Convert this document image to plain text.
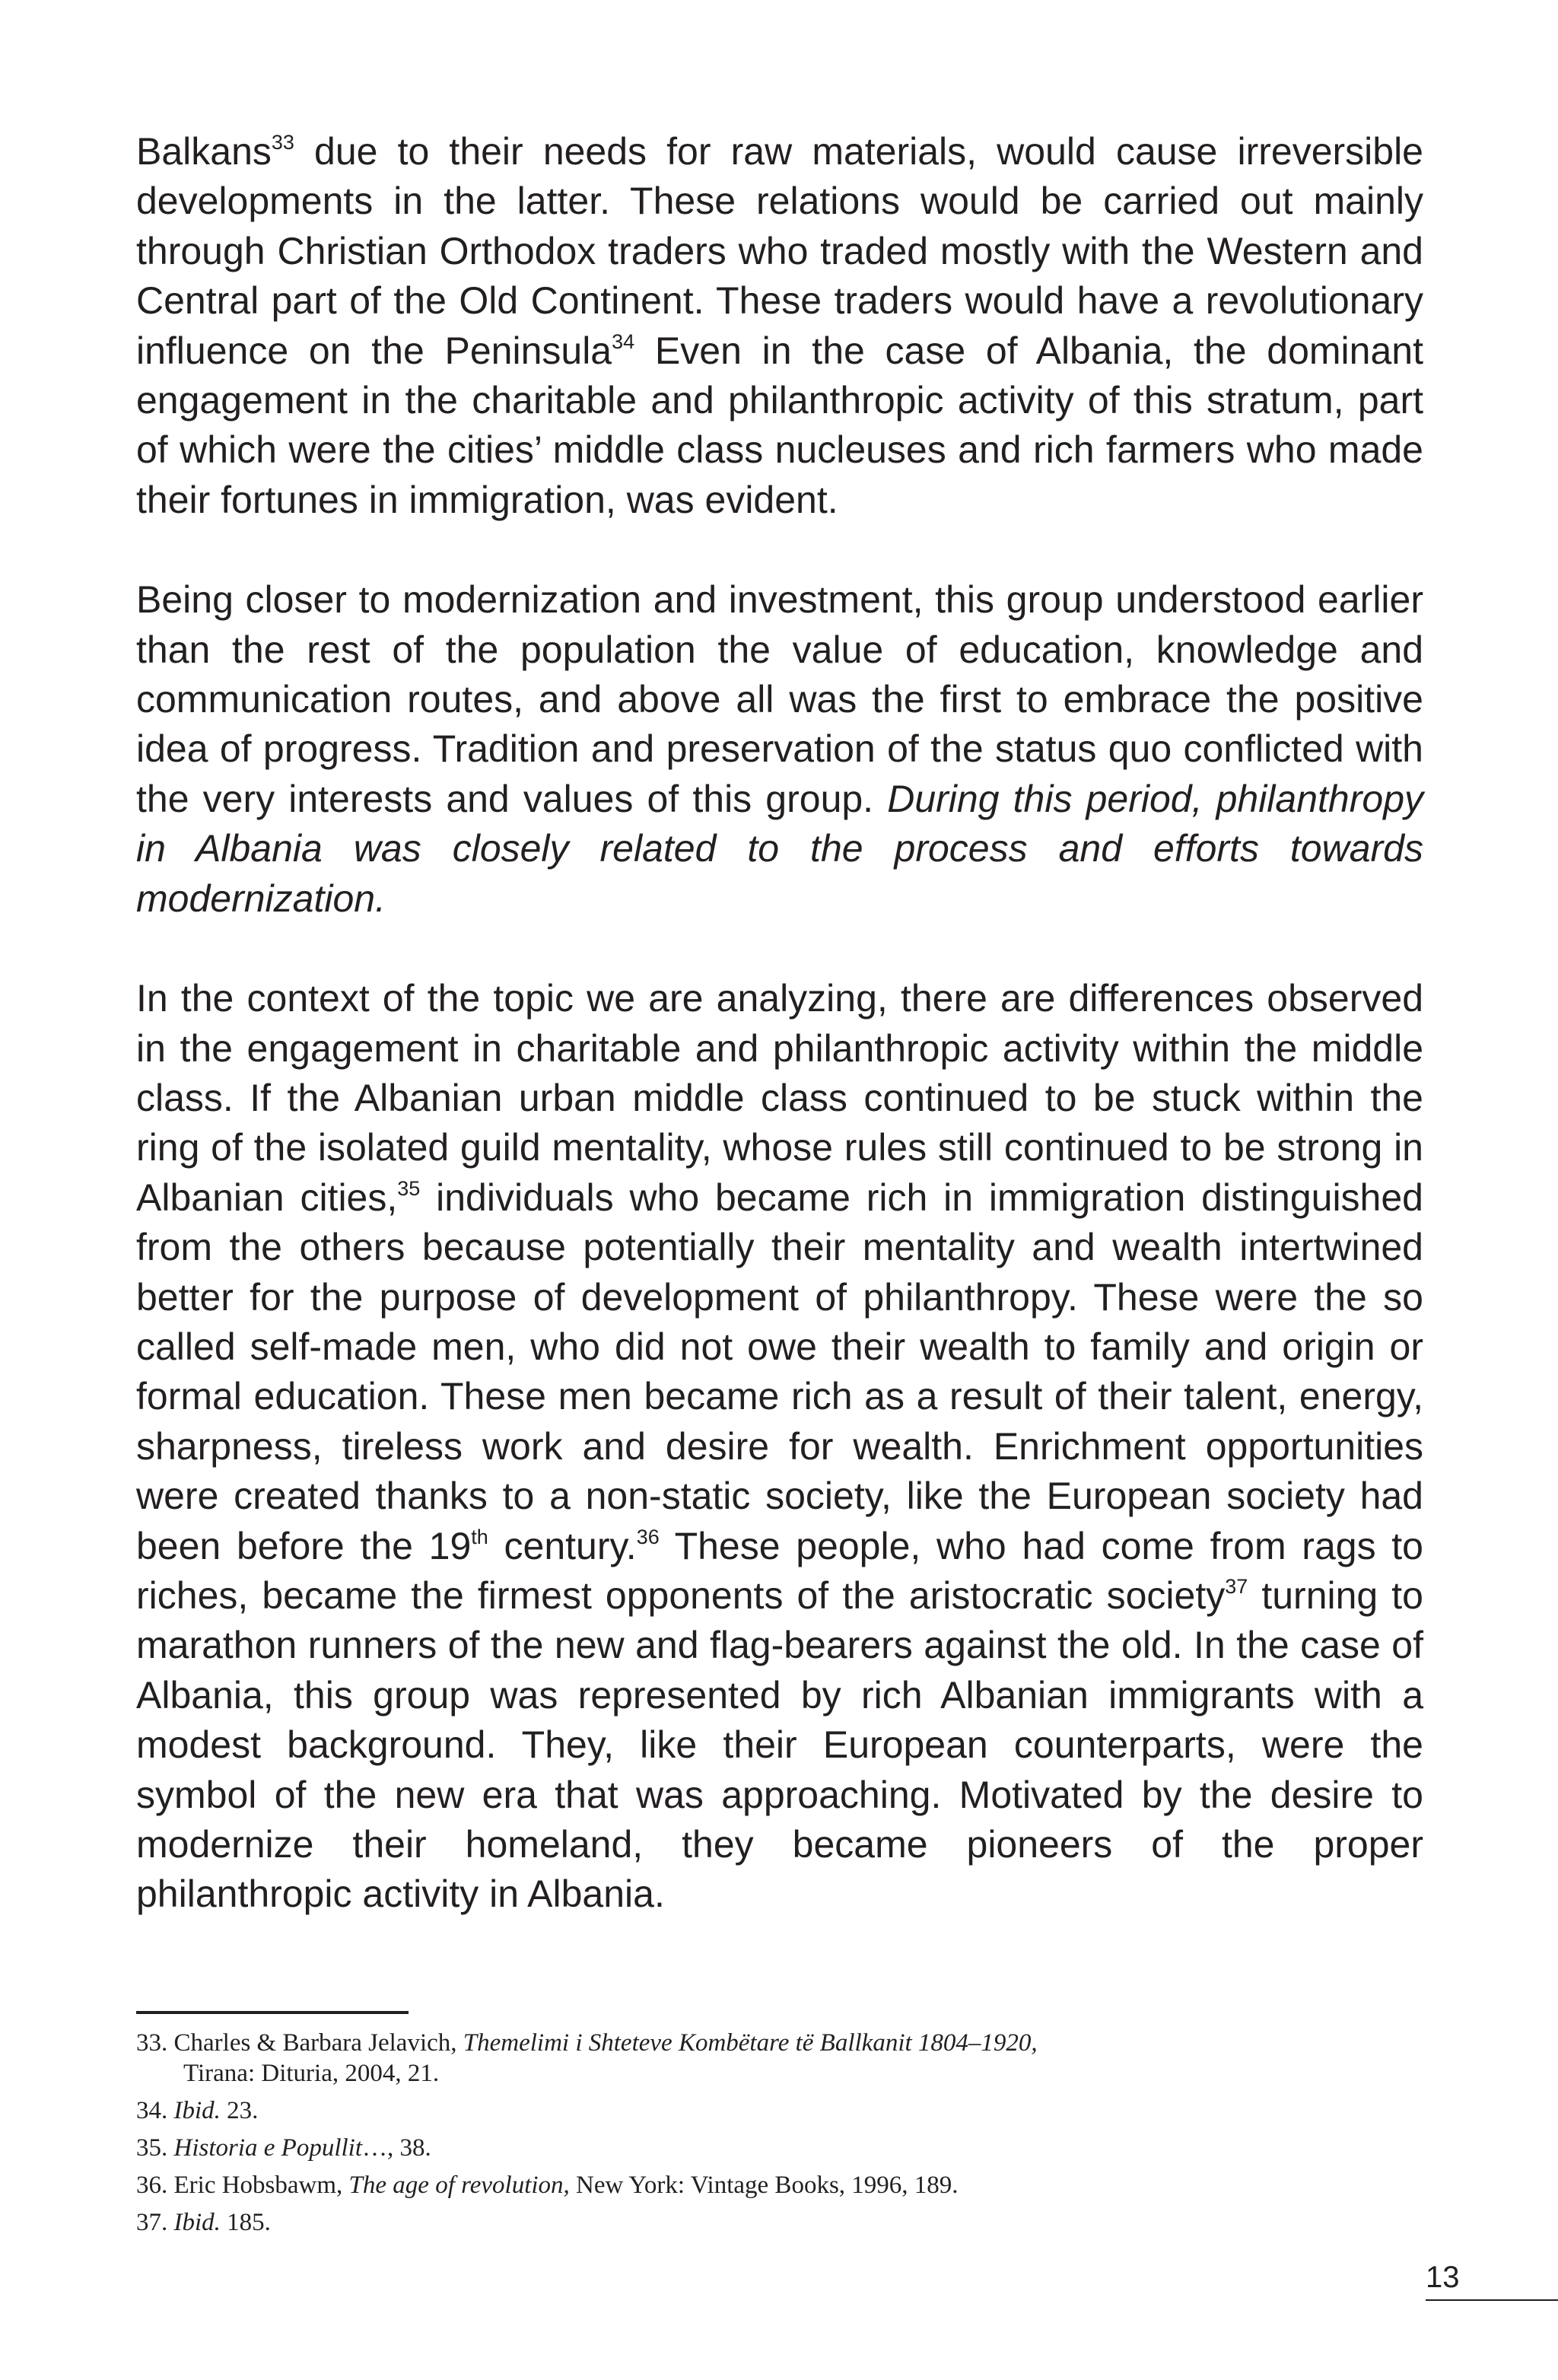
Balkans$^{33}$ due to their needs for raw materials, would cause irreversible developments in the latter. These relations would be carried out mainly through Christian Orthodox traders who traded mostly with the Western and Central part of the Old Continent. These traders would have a revolutionary influence on the Peninsula$^{34}$ Even in the case of Albania, the dominant engagement in the charitable and philanthropic activity of this stratum, part of which were the cities’ middle class nucleuses and rich farmers who made their fortunes in immigration, was evident.

Being closer to modernization and investment, this group understood earlier than the rest of the population the value of education, knowledge and communication routes, and above all was the first to embrace the positive idea of progress. Tradition and preservation of the status quo conflicted with the very interests and values of this group. During this period, philanthropy in Albania was closely related to the process and efforts towards modernization.

In the context of the topic we are analyzing, there are differences observed in the engagement in charitable and philanthropic activity within the middle class. If the Albanian urban middle class continued to be stuck within the ring of the isolated guild mentality, whose rules still continued to be strong in Albanian cities,$^{35}$ individuals who became rich in immigration distinguished from the others because potentially their mentality and wealth intertwined better for the purpose of development of philanthropy. These were the so called self-made men, who did not owe their wealth to family and origin or formal education. These men became rich as a result of their talent, energy, sharpness, tireless work and desire for wealth. Enrichment opportunities were created thanks to a non-static society, like the European society had been before the 19th century.$^{36}$ These people, who had come from rags to riches, became the firmest opponents of the aristocratic society$^{37}$ turning to marathon runners of the new and flag-bearers against the old. In the case of Albania, this group was represented by rich Albanian immigrants with a modest background. They, like their European counterparts, were the symbol of the new era that was approaching. Motivated by the desire to modernize their homeland, they became pioneers of the proper philanthropic activity in Albania.

33. Charles & Barbara Jelavich, Themelimi i Shteteve Kombëtare të Ballkanit 1804–1920,
Tirana: Dituria, 2004, 21.
34. Ibid. 23.
35. Historia e Popullit…, 38.
36. Eric Hobsbawm, The age of revolution, New York: Vintage Books, 1996, 189.
37. Ibid. 185.
13
